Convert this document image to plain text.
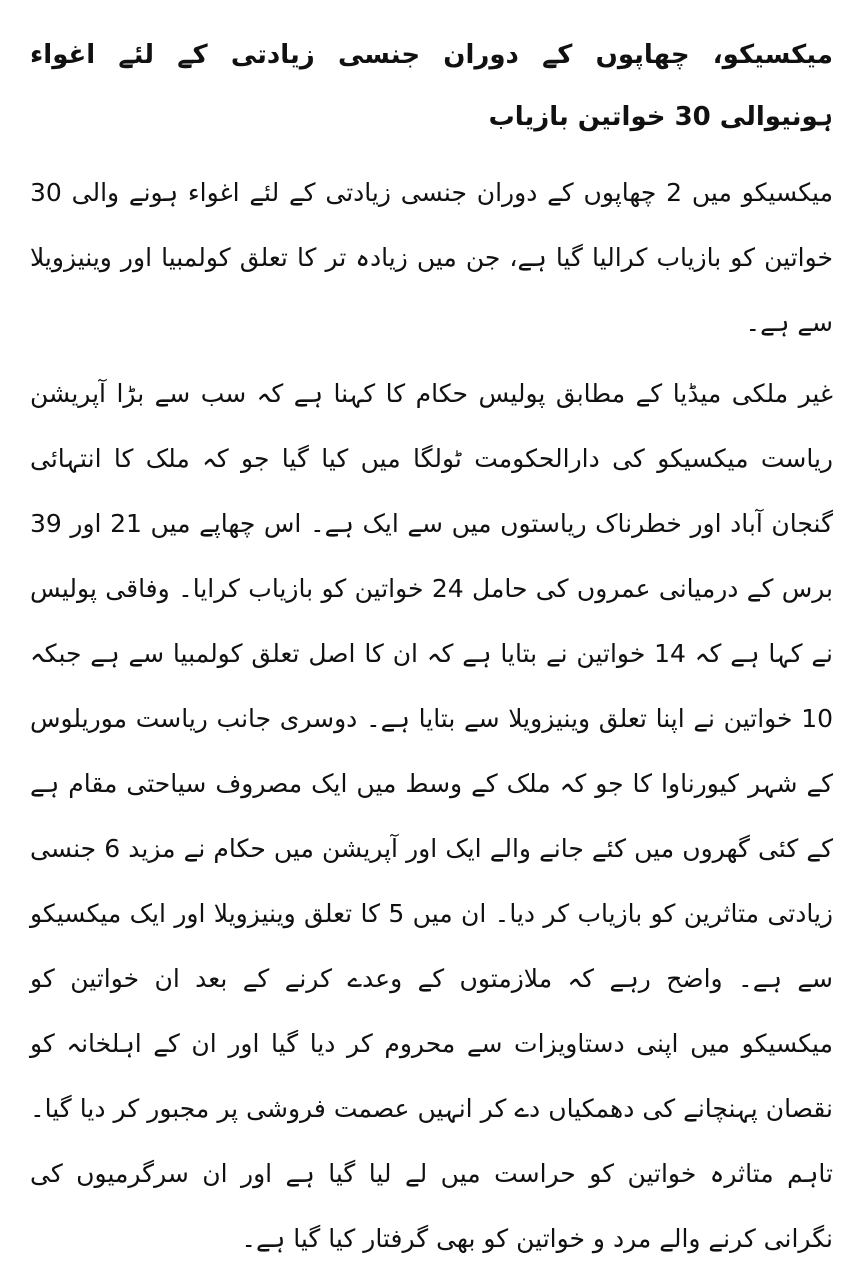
میکسیکو، چھاپوں کے دوران جنسی زیادتی کے لئے اغواء ہونیوالی 30 خواتین بازیاب

میکسیکو میں 2 چھاپوں کے دوران جنسی زیادتی کے لئے اغواء ہونے والی 30 خواتین کو بازیاب کرالیا گیا ہے، جن میں زیادہ تر کا تعلق کولمبیا اور وینیزویلا سے ہے۔

غیر ملکی میڈیا کے مطابق پولیس حکام کا کہنا ہے کہ سب سے بڑا آپریشن ریاست میکسیکو کی دارالحکومت ٹولگا میں کیا گیا جو کہ ملک کا انتہائی گنجان آباد اور خطرناک ریاستوں میں سے ایک ہے۔ اس چھاپے میں 21 اور 39 برس کے درمیانی عمروں کی حامل 24 خواتین کو بازیاب کرایا۔ وفاقی پولیس نے کہا ہے کہ 14 خواتین نے بتایا ہے کہ ان کا اصل تعلق کولمبیا سے ہے جبکہ 10 خواتین نے اپنا تعلق وینیزویلا سے بتایا ہے۔ دوسری جانب ریاست موریلوس کے شہر کیورناوا کا جو کہ ملک کے وسط میں ایک مصروف سیاحتی مقام ہے کے کئی گھروں میں کئے جانے والے ایک اور آپریشن میں حکام نے مزید 6 جنسی زیادتی متاثرین کو بازیاب کر دیا۔ ان میں 5 کا تعلق وینیزویلا اور ایک میکسیکو سے ہے۔ واضح رہے کہ ملازمتوں کے وعدے کرنے کے بعد ان خواتین کو میکسیکو میں اپنی دستاویزات سے محروم کر دیا گیا اور ان کے اہلخانہ کو نقصان پہنچانے کی دھمکیاں دے کر انہیں عصمت فروشی پر مجبور کر دیا گیا۔ تاہم متاثرہ خواتین کو حراست میں لے لیا گیا ہے اور ان سرگرمیوں کی نگرانی کرنے والے مرد و خواتین کو بھی گرفتار کیا گیا ہے۔
